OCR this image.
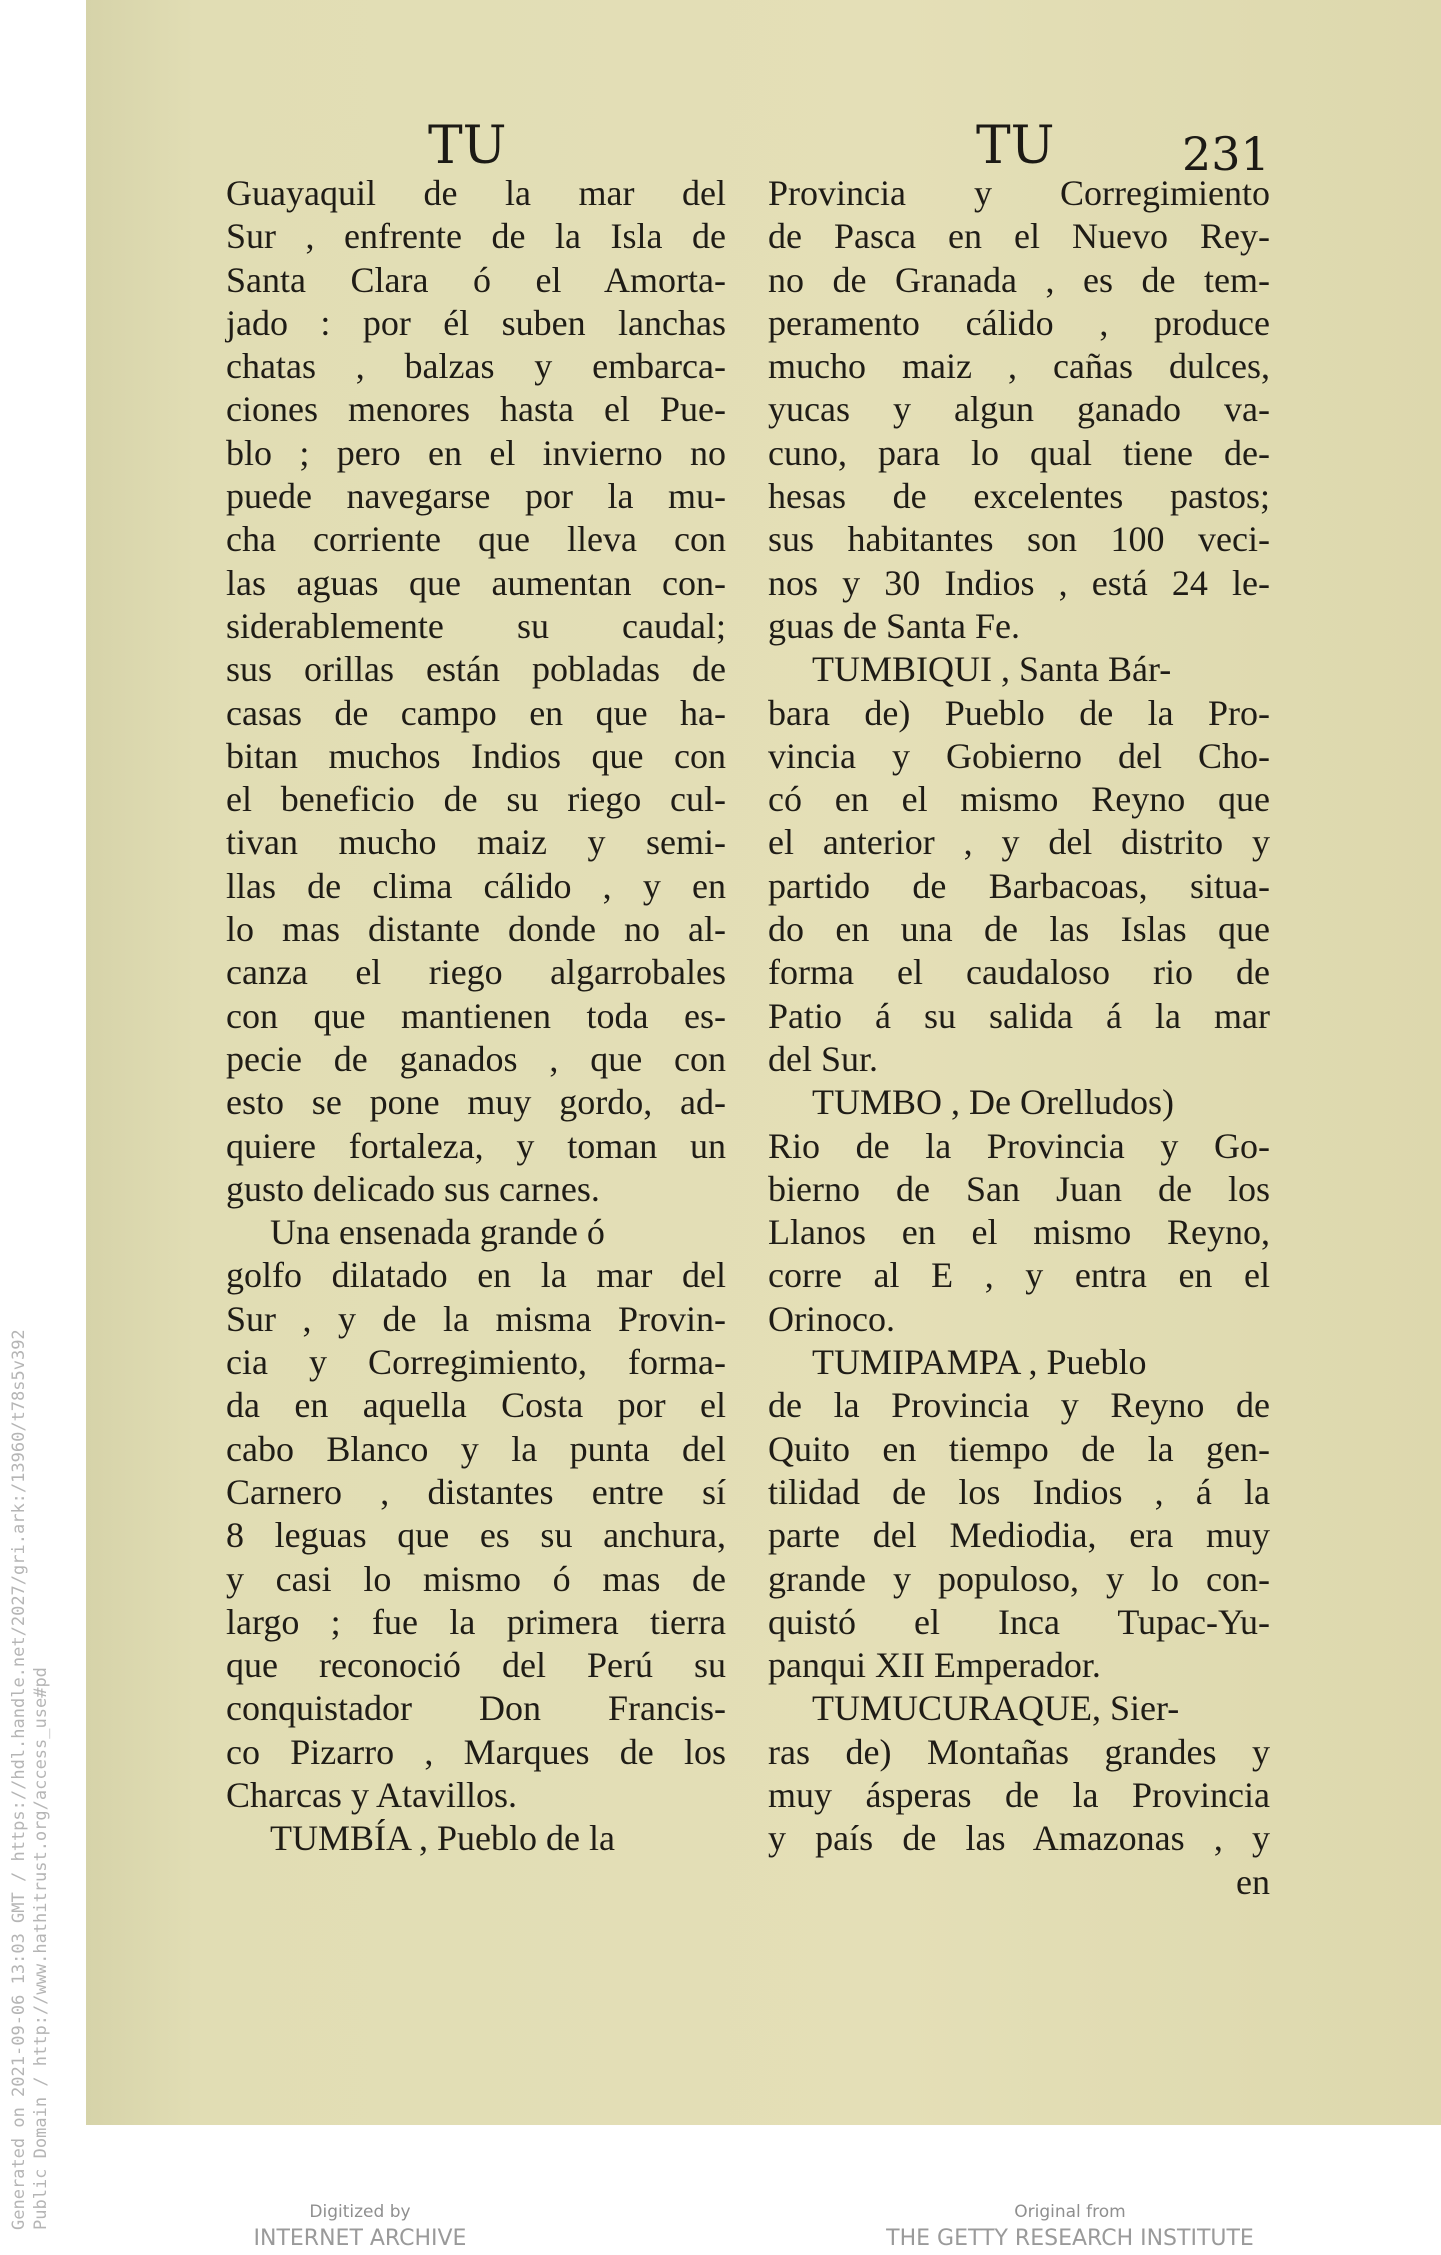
Generated on 2021-09-06 13:03 GMT / https://hdl.handle.net/2027/gri.ark:/13960/t78s5v392 Public Domain / http://www.hathitrust.org/access_use#pd
TU	TU	231
Guayaquil de la mar del
Sur , enfrente de la Isla de
Santa Clara ó el Amorta-
jado : por él suben lanchas
chatas , balzas y embarca-
ciones menores hasta el Pue-
blo ; pero en el invierno no
puede navegarse por la mu-
cha corriente que lleva con
las aguas que aumentan con-
siderablemente su caudal;
sus orillas están pobladas de
casas de campo en que ha-
bitan muchos Indios que con
el beneficio de su riego cul-
tivan mucho maiz y semi-
llas de clima cálido , y en
lo mas distante donde no al-
canza el riego algarrobales
con que mantienen toda es-
pecie de ganados , que con
esto se pone muy gordo, ad-
quiere fortaleza, y toman un
gusto delicado sus carnes.
Una ensenada grande ó
golfo dilatado en la mar del
Sur , y de la misma Provin-
cia y Corregimiento, forma-
da en aquella Costa por el
cabo Blanco y la punta del
Carnero , distantes entre sí
8 leguas que es su anchura,
y casi lo mismo ó mas de
largo ; fue la primera tierra
que reconoció del Perú su
conquistador Don Francis-
co Pizarro , Marques de los
Charcas y Atavillos.
TUMBÍA , Pueblo de la
Provincia y Corregimiento
de Pasca en el Nuevo Rey-
no de Granada , es de tem-
peramento cálido , produce
mucho maiz , cañas dulces,
yucas y algun ganado va-
cuno, para lo qual tiene de-
hesas de excelentes pastos;
sus habitantes son 100 veci-
nos y 30 Indios , está 24 le-
guas de Santa Fe.
TUMBIQUI , Santa Bár-
bara de) Pueblo de la Pro-
vincia y Gobierno del Cho-
có en el mismo Reyno que
el anterior , y del distrito y
partido de Barbacoas, situa-
do en una de las Islas que
forma el caudaloso rio de
Patio á su salida á la mar
del Sur.
TUMBO , De Orelludos)
Rio de la Provincia y Go-
bierno de San Juan de los
Llanos en el mismo Reyno,
corre al E , y entra en el
Orinoco.
TUMIPAMPA , Pueblo
de la Provincia y Reyno de
Quito en tiempo de la gen-
tilidad de los Indios , á la
parte del Mediodia, era muy
grande y populoso, y lo con-
quistó el Inca Tupac-Yu-
panqui XII Emperador.
TUMUCURAQUE, Sier-
ras de) Montañas grandes y
muy ásperas de la Provincia
y país de las Amazonas , y
en
Digitized by
INTERNET ARCHIVE
Original from
THE GETTY RESEARCH INSTITUTE
